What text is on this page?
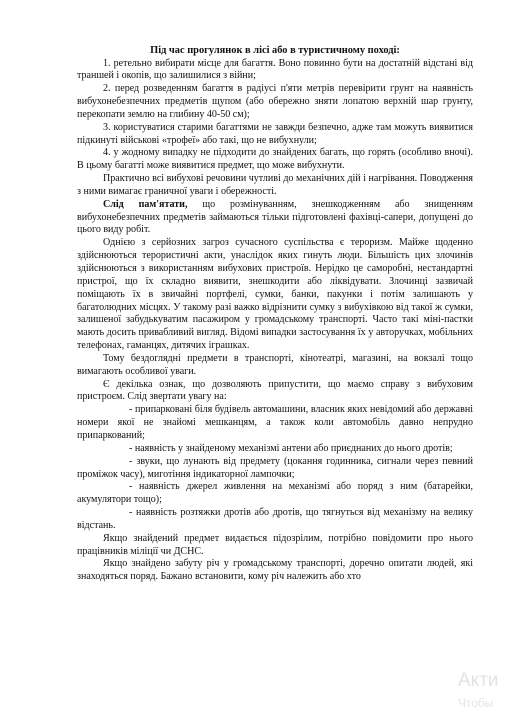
Під час прогулянок в лісі або в туристичному поході:

1. ретельно вибирати місце для багаття. Воно повинно бути на достатній відстані від траншей і окопів, що залишилися з війни;

2. перед розведенням багаття в радіусі п'яти метрів перевірити грунт на наявність вибухонебезпечних предметів щупом (або обережно зняти лопатою верхній шар грунту, перекопати землю на глибину 40-50 см);

3. користуватися старими багаттями не завжди безпечно, адже там можуть виявитися підкинуті військові «трофеї» або такі, що не вибухнули;

4. у жодному випадку не підходити до знайдених багать, що горять (особливо вночі). В цьому багатті може виявитися предмет, що може вибухнути.

Практично всі вибухові речовини чутливі до механічних дій і нагрівання. Поводження з ними вимагає граничної уваги і обережності.

Слід пам'ятати, що розмінуванням, знешкодженням або знищенням вибухонебезпечних предметів займаються тільки підготовлені фахівці-сапери, допущені до цього виду робіт.

Однією з серйозних загроз сучасного суспільства є тероризм. Майже щоденно здійснюються терористичні акти, унаслідок яких гинуть люди. Більшість цих злочинів здійснюються з використанням вибухових пристроїв. Нерідко це саморобні, нестандартні пристрої, що їх складно виявити, знешкодити або ліквідувати. Злочинці зазвичай поміщають їх в звичайні портфелі, сумки, банки, пакунки і потім залишають у багатолюдних місцях. У такому разі важко відрізнити сумку з вибухівкою від такої ж сумки, залишеної забудькуватим пасажиром у громадському транспорті. Часто такі міні-пастки мають досить привабливий вигляд. Відомі випадки застосування їх у авторучках, мобільних телефонах, гаманцях, дитячих іграшках.

Тому бездоглядні предмети в транспорті, кінотеатрі, магазині, на вокзалі тощо вимагають особливої уваги.

Є декілька ознак, що дозволяють припустити, що маємо справу з вибуховим пристроєм. Слід звертати увагу на:

- припарковані біля будівель автомашини, власник яких невідомий або державні номери якої не знайомі мешканцям, а також коли автомобіль давно непрудно припаркований;

- наявність у знайденому механізмі антени або приєднаних до нього дротів;

- звуки, що лунають від предмету (цокання годинника, сигнали через певний проміжок часу), миготіння індикаторної лампочки;

- наявність джерел живлення на механізмі або поряд з ним (батарейки, акумулятори тощо);

- наявність розтяжки дротів або дротів, що тягнуться від механізму на велику відстань.

Якщо знайдений предмет видається підозрілим, потрібно повідомити про нього працівників міліції чи ДСНС.

Якщо знайдено забуту річ у громадському транспорті, доречно опитати людей, які знаходяться поряд. Бажано встановити, кому річ належить або хто

Акти
Чтобы
